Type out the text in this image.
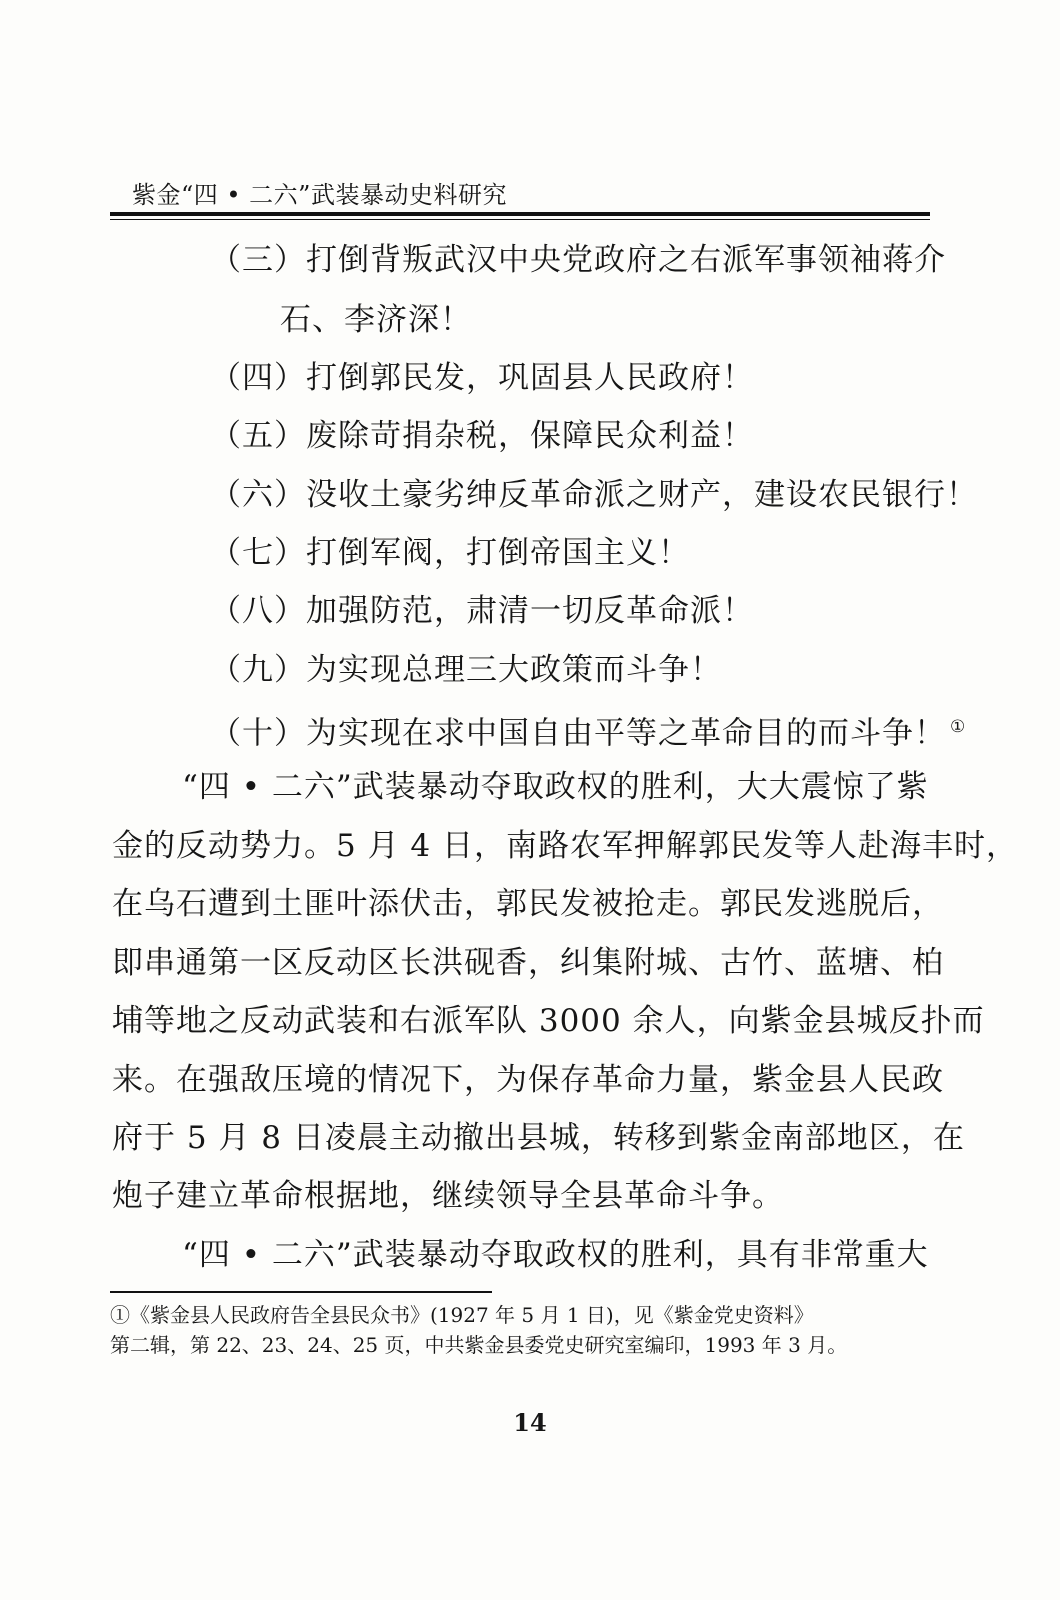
紫金“四 • 二六”武装暴动史料研究
（三）打倒背叛武汉中央党政府之右派军事领袖蒋介
石、李济深！
（四）打倒郭民发，巩固县人民政府！
（五）废除苛捐杂税，保障民众利益！
（六）没收土豪劣绅反革命派之财产，建设农民银行！
（七）打倒军阀，打倒帝国主义！
（八）加强防范，肃清一切反革命派！
（九）为实现总理三大政策而斗争！
（十）为实现在求中国自由平等之革命目的而斗争！ ①
“四 • 二六”武装暴动夺取政权的胜利，大大震惊了紫
金的反动势力。5 月 4 日，南路农军押解郭民发等人赴海丰时，
在乌石遭到土匪叶添伏击，郭民发被抢走。郭民发逃脱后，
即串通第一区反动区长洪砚香，纠集附城、古竹、蓝塘、柏
埔等地之反动武装和右派军队 3000 余人，向紫金县城反扑而
来。在强敌压境的情况下，为保存革命力量，紫金县人民政
府于 5 月 8 日凌晨主动撤出县城，转移到紫金南部地区，在
炮子建立革命根据地，继续领导全县革命斗争。
“四 • 二六”武装暴动夺取政权的胜利，具有非常重大
①《紫金县人民政府告全县民众书》(1927 年 5 月 1 日)，见《紫金党史资料》
第二辑，第 22、23、24、25 页，中共紫金县委党史研究室编印，1993 年 3 月。
14
